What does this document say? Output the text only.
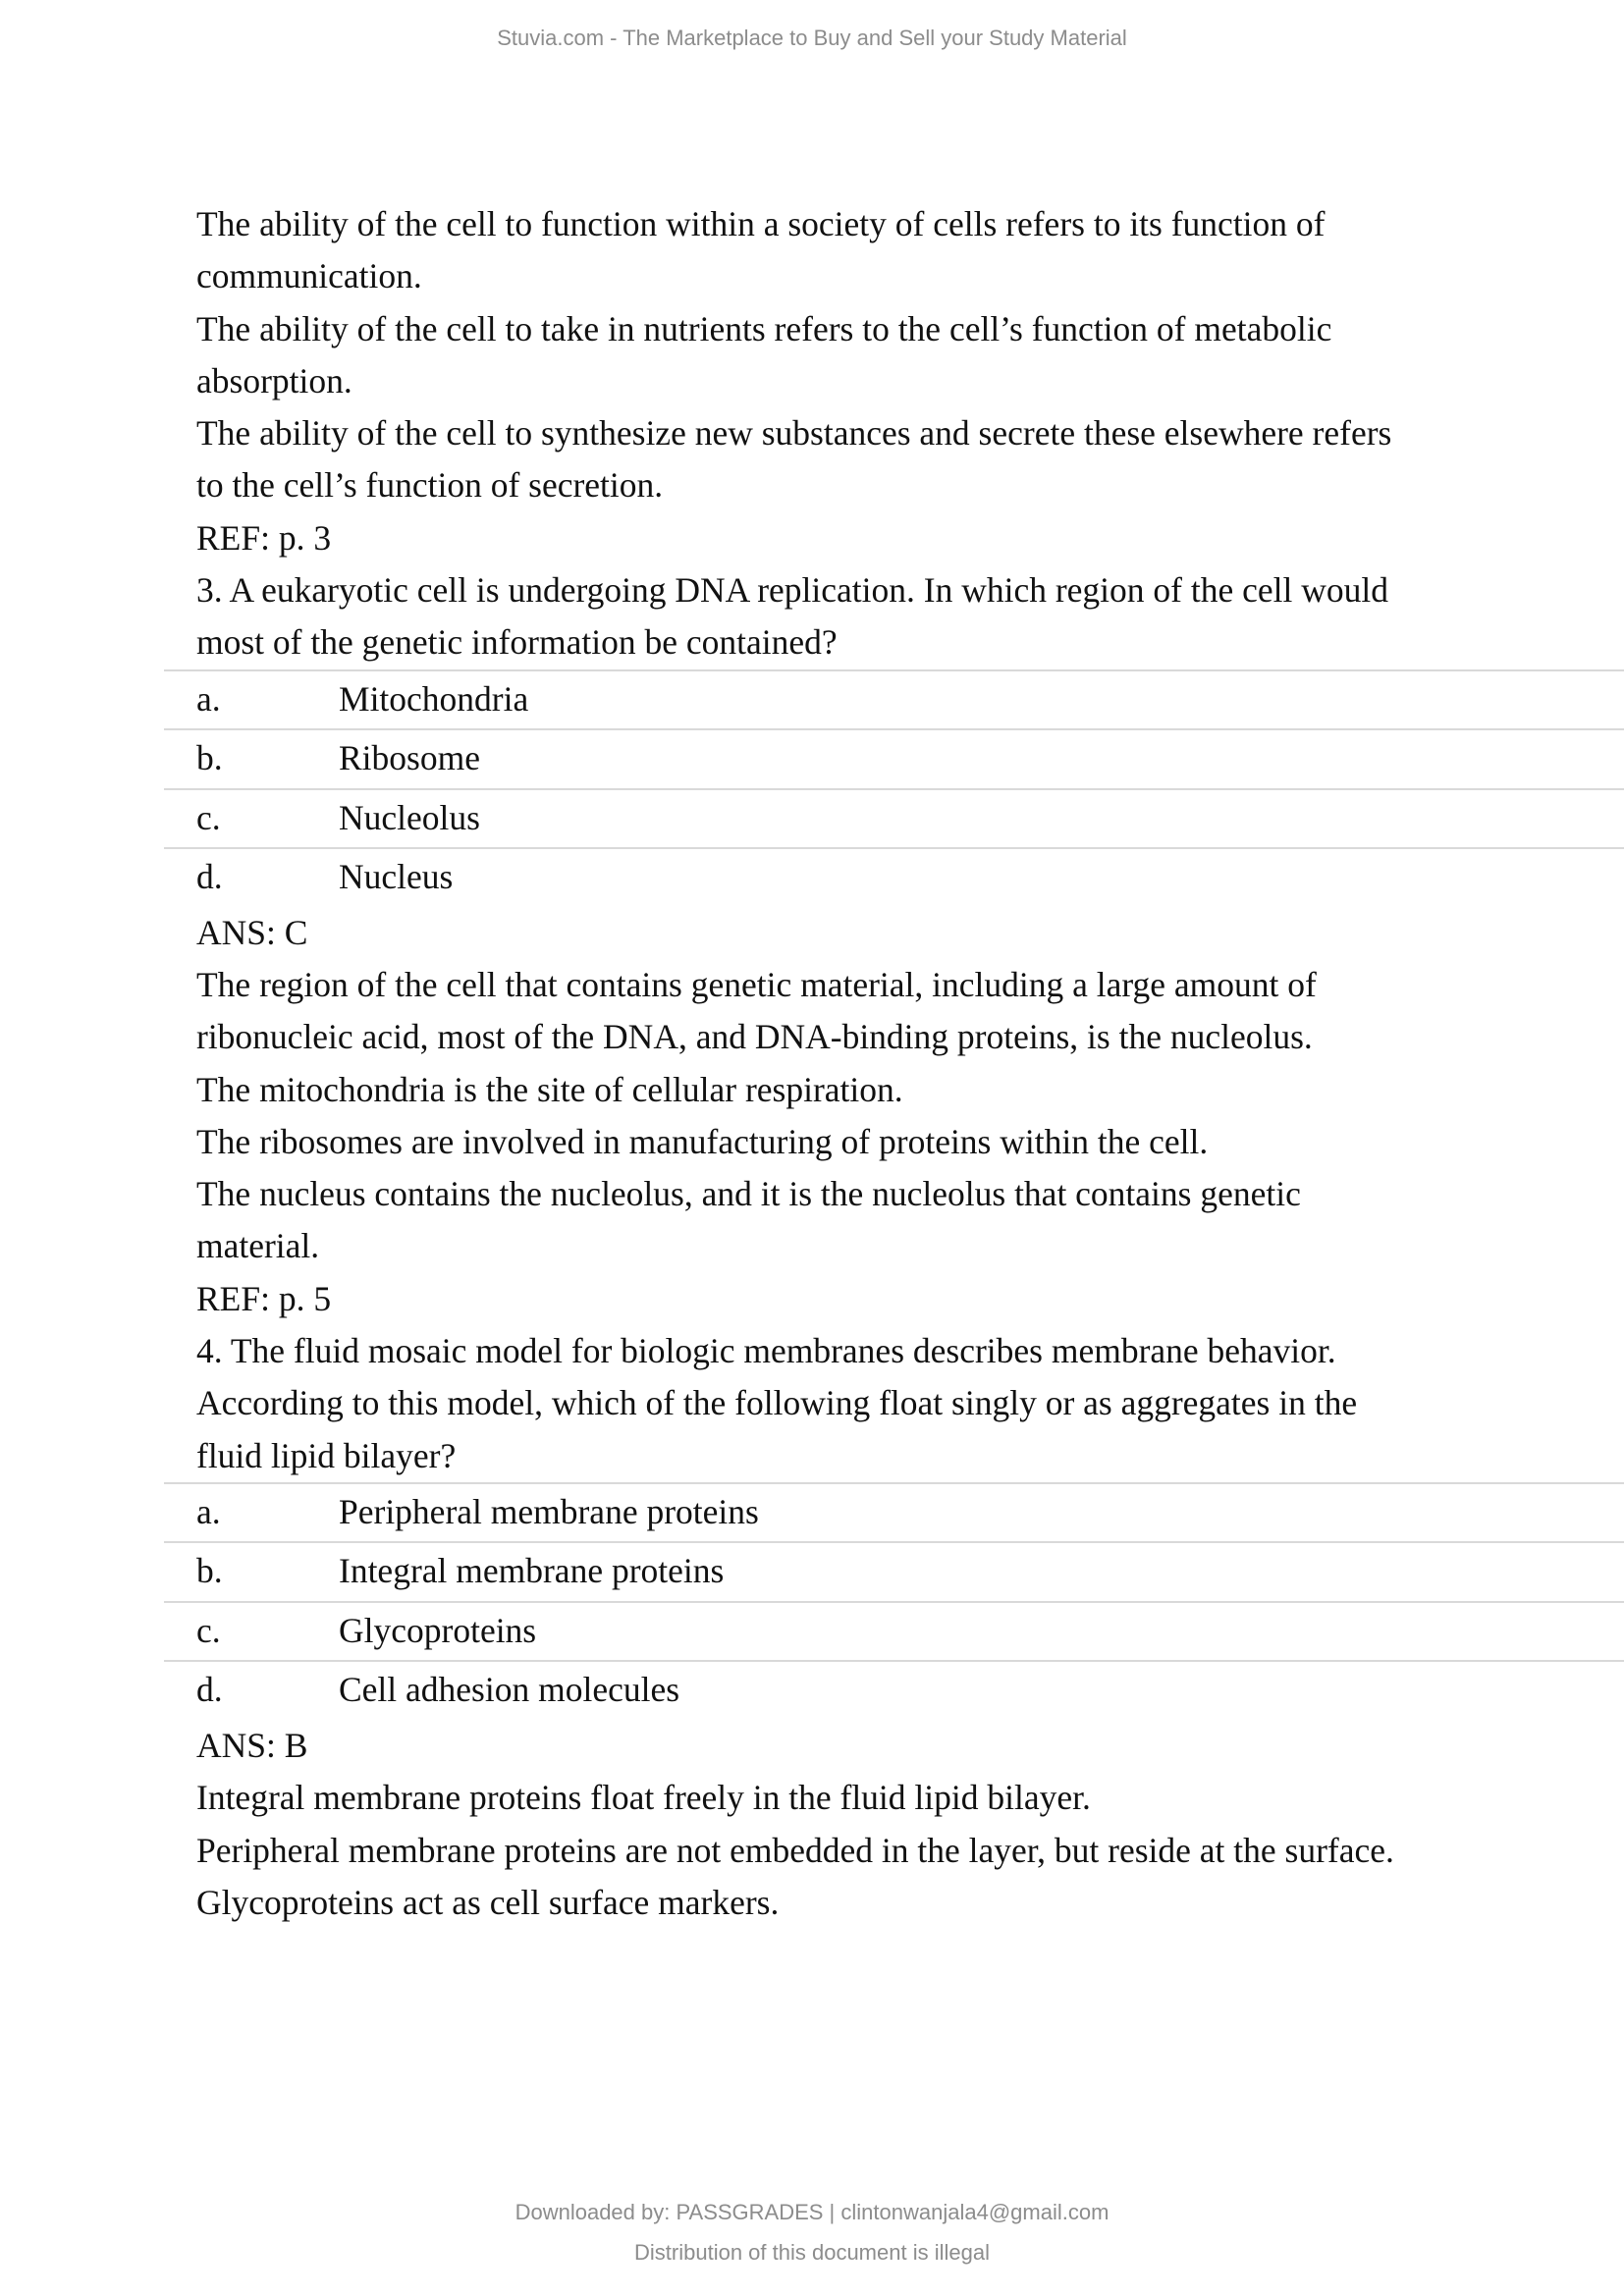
Stuvia.com - The Marketplace to Buy and Sell your Study Material
The ability of the cell to function within a society of cells refers to its function of
communication.
The ability of the cell to take in nutrients refers to the cell’s function of metabolic
absorption.
The ability of the cell to synthesize new substances and secrete these elsewhere refers
to the cell’s function of secretion.
REF: p. 3
3. A eukaryotic cell is undergoing DNA replication. In which region of the cell would
most of the genetic information be contained?
a.	Mitochondria
b.	Ribosome
c.	Nucleolus
d.	Nucleus
ANS: C
The region of the cell that contains genetic material, including a large amount of
ribonucleic acid, most of the DNA, and DNA-binding proteins, is the nucleolus.
The mitochondria is the site of cellular respiration.
The ribosomes are involved in manufacturing of proteins within the cell.
The nucleus contains the nucleolus, and it is the nucleolus that contains genetic
material.
REF: p. 5
4. The fluid mosaic model for biologic membranes describes membrane behavior.
According to this model, which of the following float singly or as aggregates in the
fluid lipid bilayer?
a.	Peripheral membrane proteins
b.	Integral membrane proteins
c.	Glycoproteins
d.	Cell adhesion molecules
ANS: B
Integral membrane proteins float freely in the fluid lipid bilayer.
Peripheral membrane proteins are not embedded in the layer, but reside at the surface.
Glycoproteins act as cell surface markers.
Downloaded by: PASSGRADES | clintonwanjala4@gmail.com
Distribution of this document is illegal
